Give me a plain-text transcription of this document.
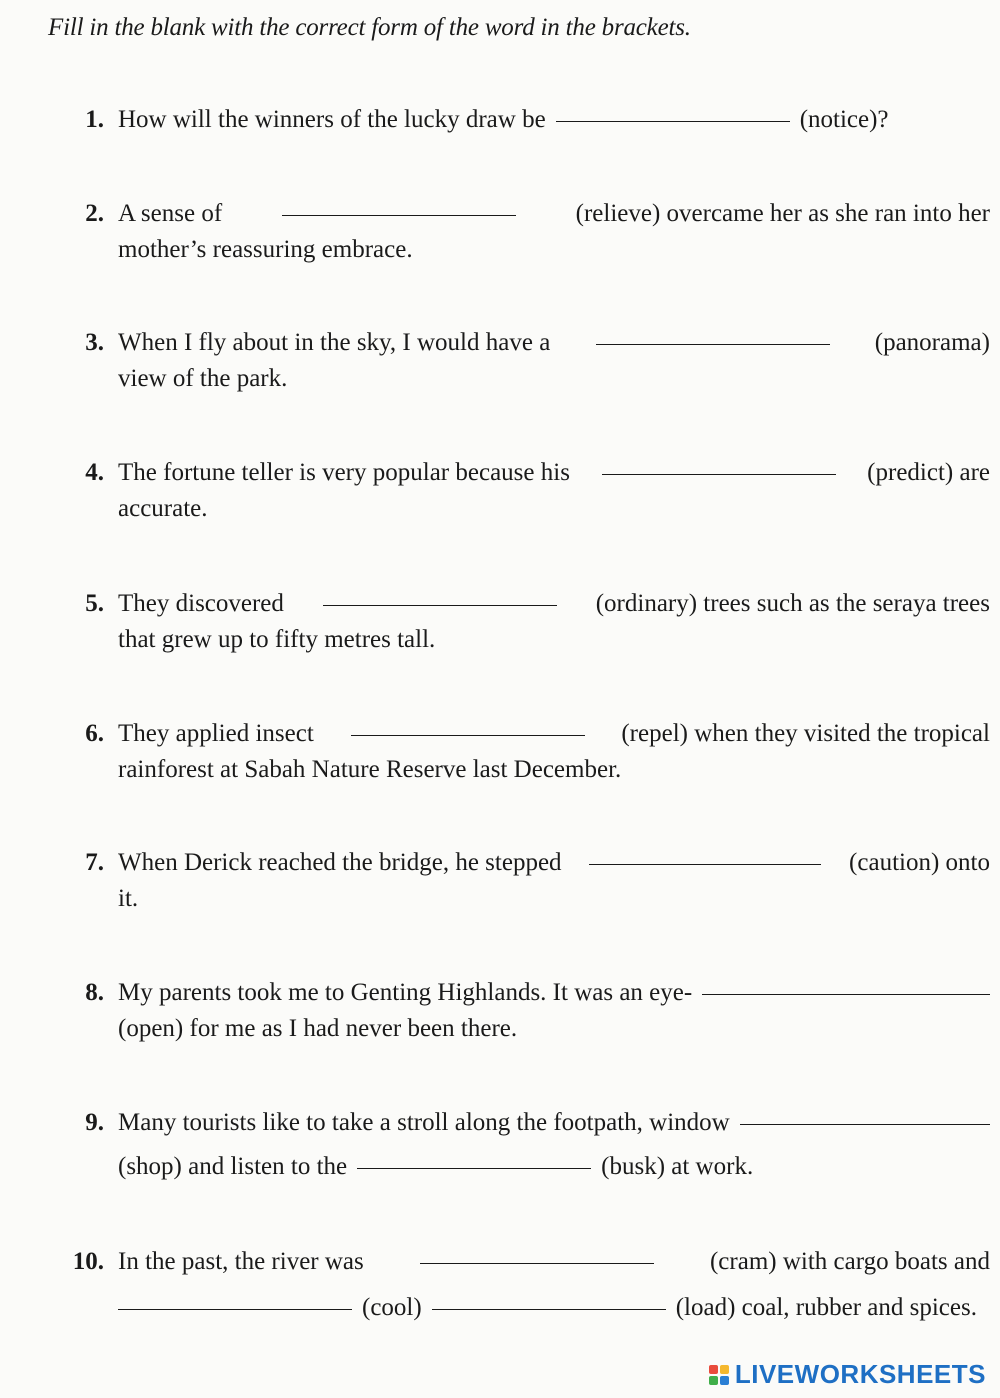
Fill in the blank with the correct form of the word in the brackets.
1. How will the winners of the lucky draw be	(notice)?
2. A sense of	(relieve) overcame her as she ran into her
mother’s reassuring embrace.
3. When I fly about in the sky, I would have a	(panorama)
view of the park.
4. The fortune teller is very popular because his	(predict) are
accurate.
5. They discovered	(ordinary) trees such as the seraya trees
that grew up to fifty metres tall.
6. They applied insect	(repel) when they visited the tropical
rainforest at Sabah Nature Reserve last December.
7. When Derick reached the bridge, he stepped	(caution) onto
it.
8. My parents took me to Genting Highlands. It was an eye-
(open) for me as I had never been there.
9. Many tourists like to take a stroll along the footpath, window
(shop) and listen to the	(busk) at work.
10. In the past, the river was	(cram) with cargo boats and
(cool)	(load) coal, rubber and spices.
LIVEWORKSHEETS
